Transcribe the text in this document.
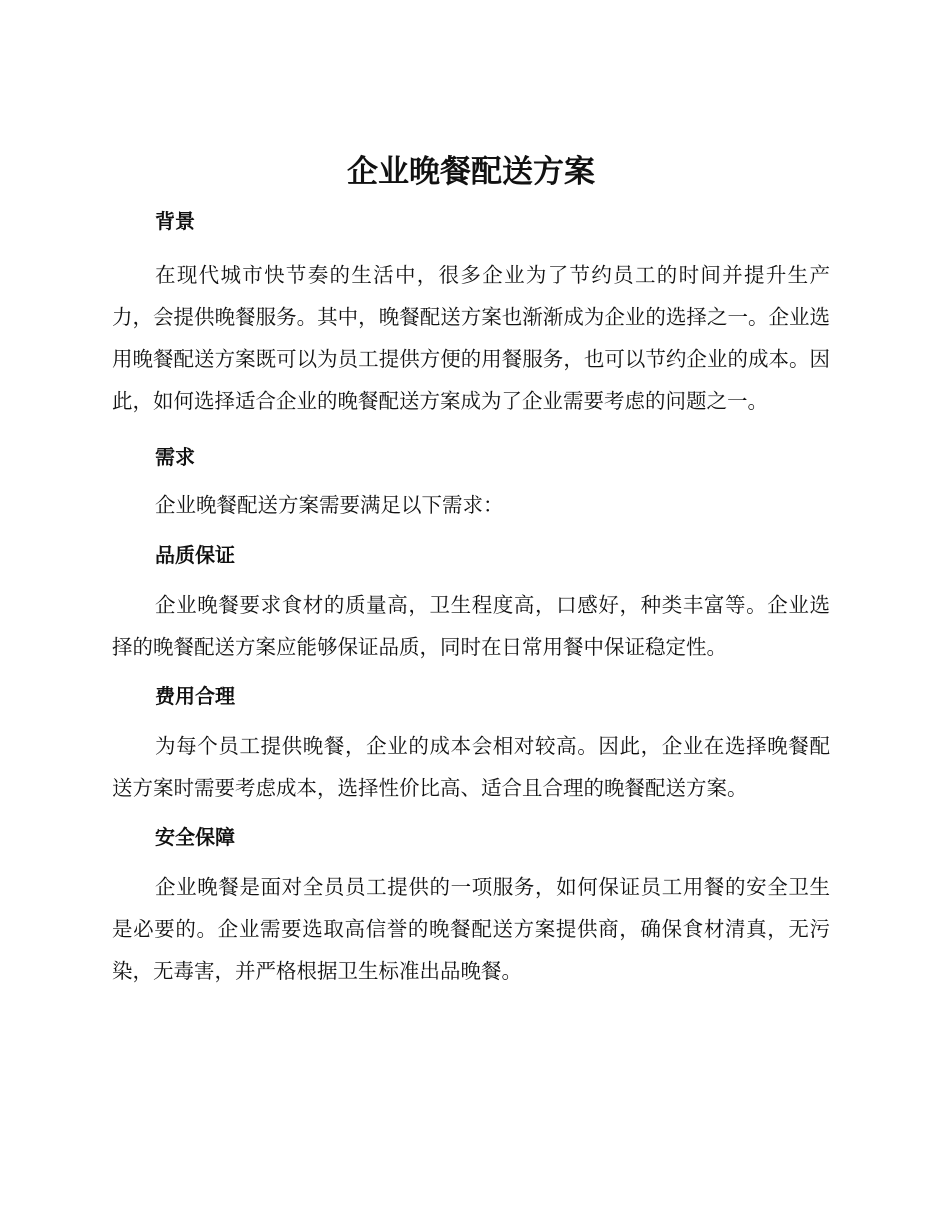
企业晚餐配送方案
背景

在现代城市快节奏的生活中，很多企业为了节约员工的时间并提升生产力，会提供晚餐服务。其中，晚餐配送方案也渐渐成为企业的选择之一。企业选用晚餐配送方案既可以为员工提供方便的用餐服务，也可以节约企业的成本。因此，如何选择适合企业的晚餐配送方案成为了企业需要考虑的问题之一。

需求

企业晚餐配送方案需要满足以下需求：

品质保证

企业晚餐要求食材的质量高，卫生程度高，口感好，种类丰富等。企业选择的晚餐配送方案应能够保证品质，同时在日常用餐中保证稳定性。

费用合理

为每个员工提供晚餐，企业的成本会相对较高。因此，企业在选择晚餐配送方案时需要考虑成本，选择性价比高、适合且合理的晚餐配送方案。

安全保障

企业晚餐是面对全员员工提供的一项服务，如何保证员工用餐的安全卫生是必要的。企业需要选取高信誉的晚餐配送方案提供商，确保食材清真，无污染，无毒害，并严格根据卫生标准出品晚餐。
